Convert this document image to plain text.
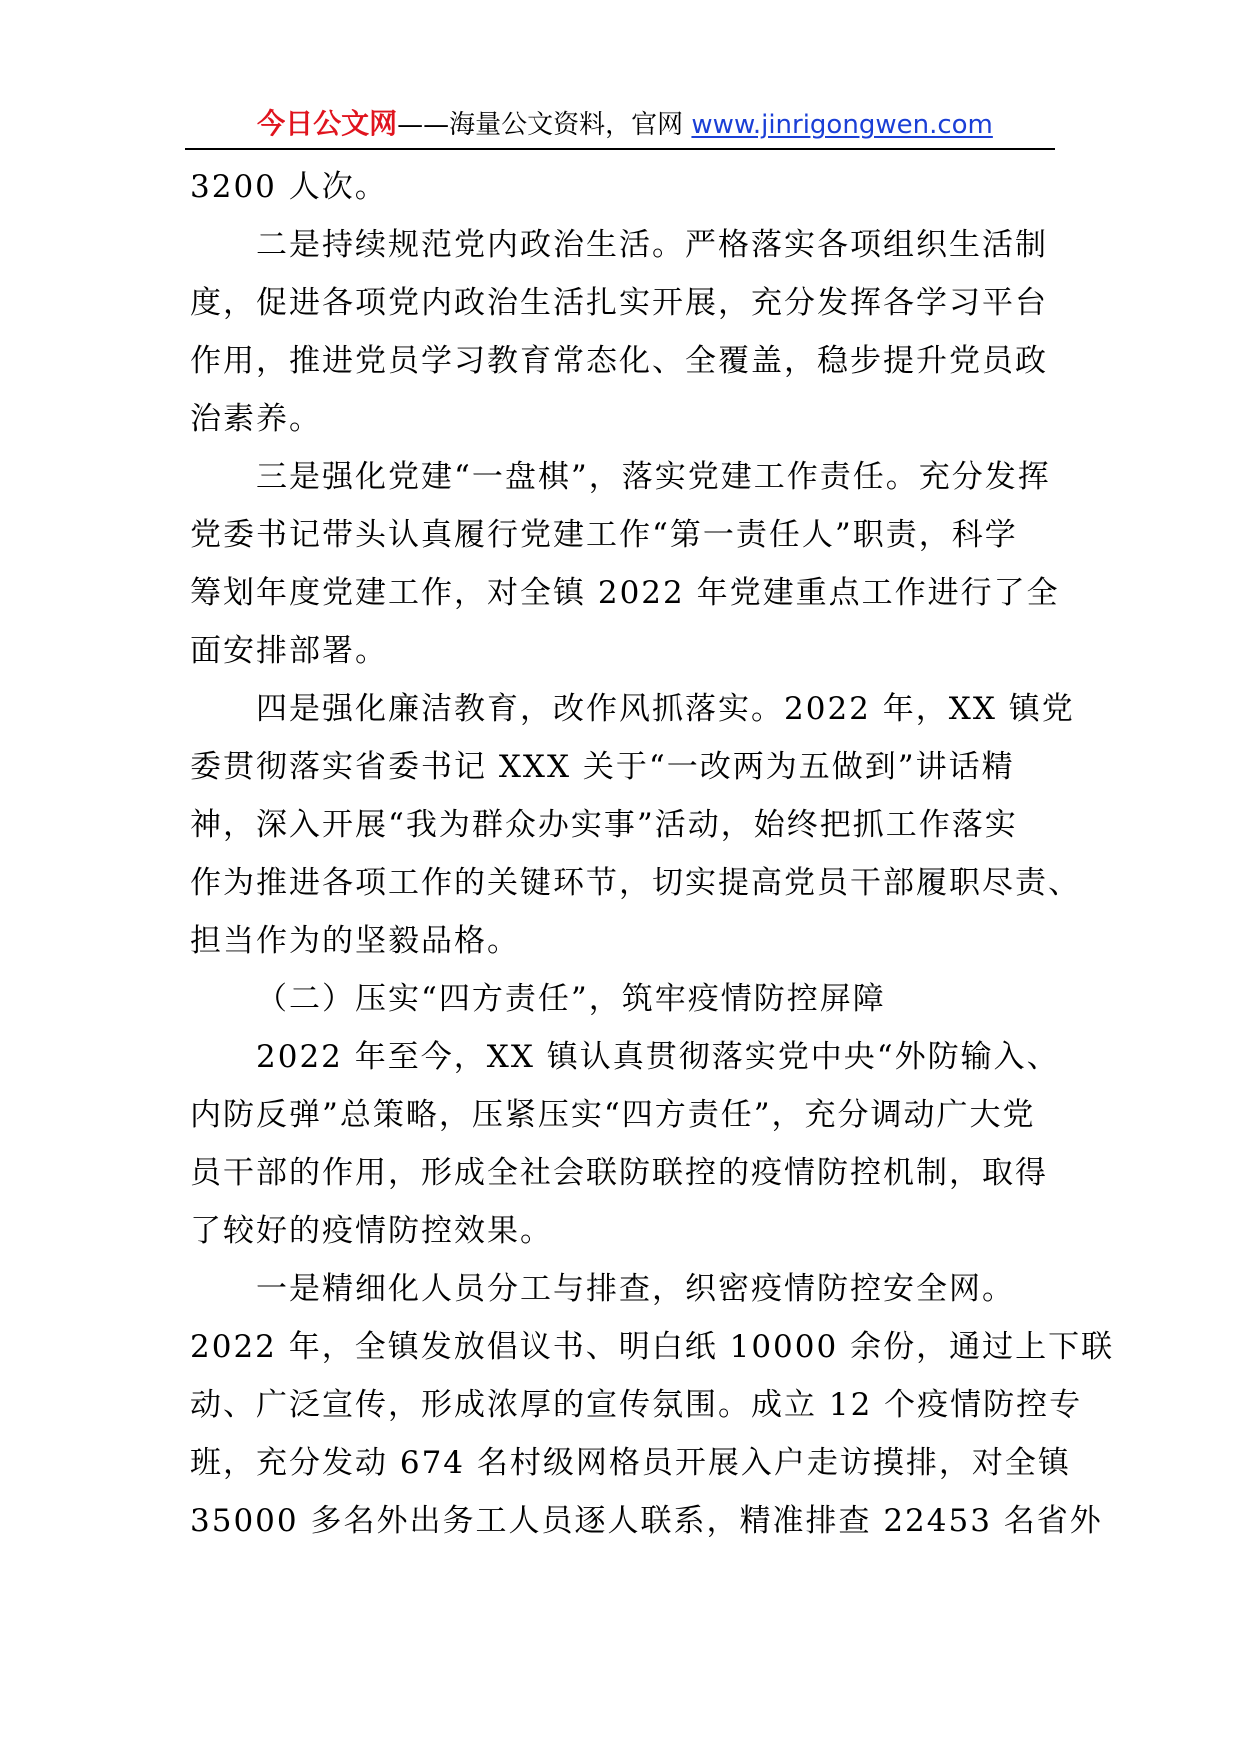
今日公文网——海量公文资料，官网 www.jinrigongwen.com
3200 人次。
二是持续规范党内政治生活。严格落实各项组织生活制
度，促进各项党内政治生活扎实开展，充分发挥各学习平台
作用，推进党员学习教育常态化、全覆盖，稳步提升党员政
治素养。
三是强化党建“一盘棋”，落实党建工作责任。充分发挥
党委书记带头认真履行党建工作“第一责任人”职责，科学
筹划年度党建工作，对全镇 2022 年党建重点工作进行了全
面安排部署。
四是强化廉洁教育，改作风抓落实。2022 年，XX 镇党
委贯彻落实省委书记 XXX 关于“一改两为五做到”讲话精
神，深入开展“我为群众办实事”活动，始终把抓工作落实
作为推进各项工作的关键环节，切实提高党员干部履职尽责、
担当作为的坚毅品格。
（二）压实“四方责任”，筑牢疫情防控屏障
2022 年至今，XX 镇认真贯彻落实党中央“外防输入、
内防反弹”总策略，压紧压实“四方责任”，充分调动广大党
员干部的作用，形成全社会联防联控的疫情防控机制，取得
了较好的疫情防控效果。
一是精细化人员分工与排查，织密疫情防控安全网。
2022 年，全镇发放倡议书、明白纸 10000 余份，通过上下联
动、广泛宣传，形成浓厚的宣传氛围。成立 12 个疫情防控专
班，充分发动 674 名村级网格员开展入户走访摸排，对全镇
35000 多名外出务工人员逐人联系，精准排查 22453 名省外
